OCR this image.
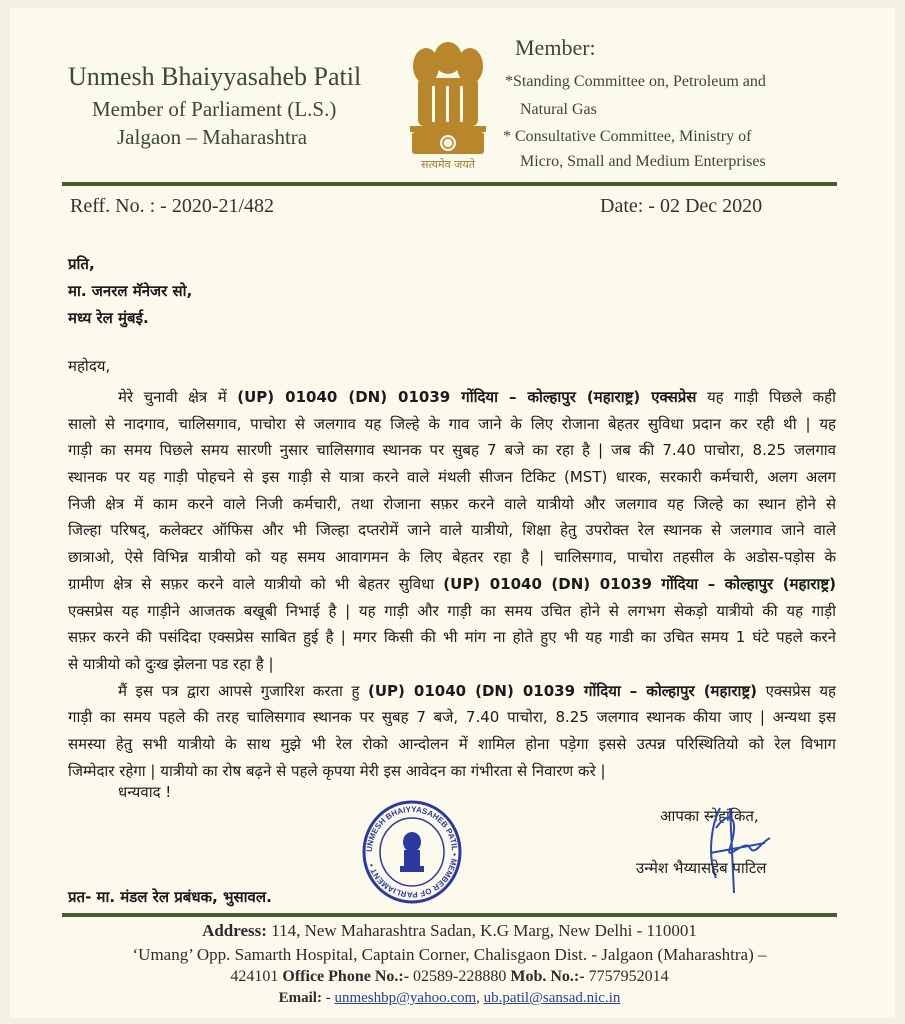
Unmesh Bhaiyyasaheb Patil
Member of Parliament (L.S.)
Jalgaon – Maharashtra
सत्यमेव जयते
Member:
*Standing Committee on, Petroleum and
Natural Gas
* Consultative Committee, Ministry of
Micro, Small and Medium Enterprises
Reff. No. : - 2020-21/482	Date: - 02 Dec 2020
प्रति,
मा. जनरल मॅनेजर सो,
मध्य रेल मुंबई.
महोदय,
मेरे चुनावी क्षेत्र में (UP) 01040 (DN) 01039 गोंदिया – कोल्हापुर (महाराष्ट्र) एक्सप्रेस यह गाड़ी पिछले कही
सालो से नादगाव, चालिसगाव, पाचोरा से जलगाव यह जिल्हे के गाव जाने के लिए रोजाना बेहतर सुविधा प्रदान कर रही थी | यह
गाड़ी का समय पिछले समय सारणी नुसार चालिसगाव स्थानक पर सुबह 7 बजे का रहा है | जब की 7.40 पाचोरा, 8.25 जलगाव
स्थानक पर यह गाड़ी पोहचने से इस गाड़ी से यात्रा करने वाले मंथली सीजन टिकिट (MST) धारक, सरकारी कर्मचारी, अलग अलग
निजी क्षेत्र में काम करने वाले निजी कर्मचारी, तथा रोजाना सफ़र करने वाले यात्रीयो और जलगाव यह जिल्हे का स्थान होने से
जिल्हा परिषद्, कलेक्टर ऑफिस और भी जिल्हा दप्तरोमें जाने वाले यात्रीयो, शिक्षा हेतु उपरोक्त रेल स्थानक से जलगाव जाने वाले
छात्राओ, ऐसे विभिन्न यात्रीयो को यह समय आवागमन के लिए बेहतर रहा है | चालिसगाव, पाचोरा तहसील के अडोस-पड़ोस के
ग्रामीण क्षेत्र से सफ़र करने वाले यात्रीयो को भी बेहतर सुविधा (UP) 01040 (DN) 01039 गोंदिया – कोल्हापुर (महाराष्ट्र)
एक्सप्रेस यह गाड़ीने आजतक बखूबी निभाई है | यह गाड़ी और गाड़ी का समय उचित होने से लगभग सेकड़ो यात्रीयो की यह गाड़ी
सफ़र करने की पसंदिदा एक्सप्रेस साबित हुई है | मगर किसी की भी मांग ना होते हुए भी यह गाडी का उचित समय 1 घंटे पहले करने
से यात्रीयो को दुःख झेलना पड रहा है |
मैं इस पत्र द्वारा आपसे गुजारिश करता हु (UP) 01040 (DN) 01039 गोंदिया – कोल्हापुर (महाराष्ट्र) एक्सप्रेस यह
गाड़ी का समय पहले की तरह चालिसगाव स्थानक पर सुबह 7 बजे, 7.40 पाचोरा, 8.25 जलगाव स्थानक कीया जाए | अन्यथा इस
समस्या हेतु सभी यात्रीयो के साथ मुझे भी रेल रोको आन्दोलन में शामिल होना पड़ेगा इससे उत्पन्न परिस्थितियो को रेल विभाग
जिम्मेदार रहेगा | यात्रीयो का रोष बढ़ने से पहले कृपया मेरी इस आवेदन का गंभीरता से निवारण करे |
धन्यवाद !
UNMESH BHAIYYASAHEB PATIL • MEMBER OF PARLIAMENT •
आपका स्नेहांकित,
उन्मेश भैय्यासहेब पाटिल
प्रत- मा. मंडल रेल प्रबंधक, भुसावल.
Address: 114, New Maharashtra Sadan, K.G Marg, New Delhi - 110001
‘Umang’ Opp. Samarth Hospital, Captain Corner, Chalisgaon Dist. - Jalgaon (Maharashtra) –
424101 Office Phone No.:- 02589-228880 Mob. No.:- 7757952014
Email: - unmeshbp@yahoo.com, ub.patil@sansad.nic.in
